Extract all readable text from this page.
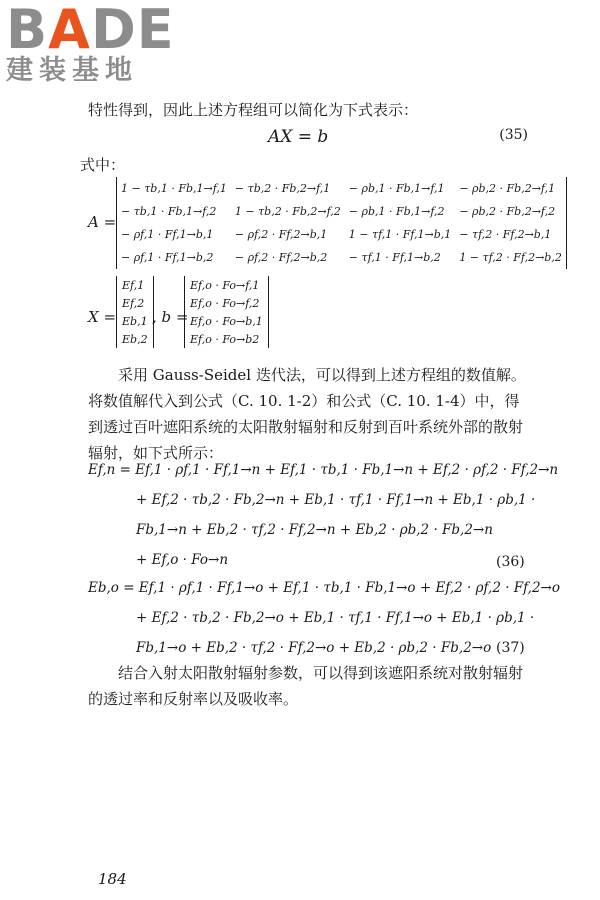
BADE
建装基地
特性得到，因此上述方程组可以简化为下式表示：
AX = b	(35)
式中：
A =
1 − τb,1 · Fb,1→f,1	− τb,2 · Fb,2→f,1	− ρb,1 · Fb,1→f,1	− ρb,2 · Fb,2→f,1
− τb,1 · Fb,1→f,2	1 − τb,2 · Fb,2→f,2	− ρb,1 · Fb,1→f,2	− ρb,2 · Fb,2→f,2
− ρf,1 · Ff,1→b,1	− ρf,2 · Ff,2→b,1	1 − τf,1 · Ff,1→b,1	− τf,2 · Ff,2→b,1
− ρf,1 · Ff,1→b,2	− ρf,2 · Ff,2→b,2	− τf,1 · Ff,1→b,2	1 − τf,2 · Ff,2→b,2
X =
Ef,1
Ef,2
Eb,1
Eb,2
, b =
Ef,o · Fo→f,1
Ef,o · Fo→f,2
Ef,o · Fo→b,1
Ef,o · Fo→b2
采用 Gauss-Seidel 迭代法，可以得到上述方程组的数值解。将数值解代入到公式（C. 10. 1-2）和公式（C. 10. 1-4）中，得到透过百叶遮阳系统的太阳散射辐射和反射到百叶系统外部的散射辐射，如下式所示：
Ef,n = Ef,1 · ρf,1 · Ff,1→n + Ef,1 · τb,1 · Fb,1→n + Ef,2 · ρf,2 · Ff,2→n
+ Ef,2 · τb,2 · Fb,2→n + Eb,1 · τf,1 · Ff,1→n + Eb,1 · ρb,1 ·
Fb,1→n + Eb,2 · τf,2 · Ff,2→n + Eb,2 · ρb,2 · Fb,2→n
+ Ef,o · Fo→n	(36)
Eb,o = Ef,1 · ρf,1 · Ff,1→o + Ef,1 · τb,1 · Fb,1→o + Ef,2 · ρf,2 · Ff,2→o
+ Ef,2 · τb,2 · Fb,2→o + Eb,1 · τf,1 · Ff,1→o + Eb,1 · ρb,1 ·
Fb,1→o + Eb,2 · τf,2 · Ff,2→o + Eb,2 · ρb,2 · Fb,2→o (37)
结合入射太阳散射辐射参数，可以得到该遮阳系统对散射辐射的透过率和反射率以及吸收率。
184
